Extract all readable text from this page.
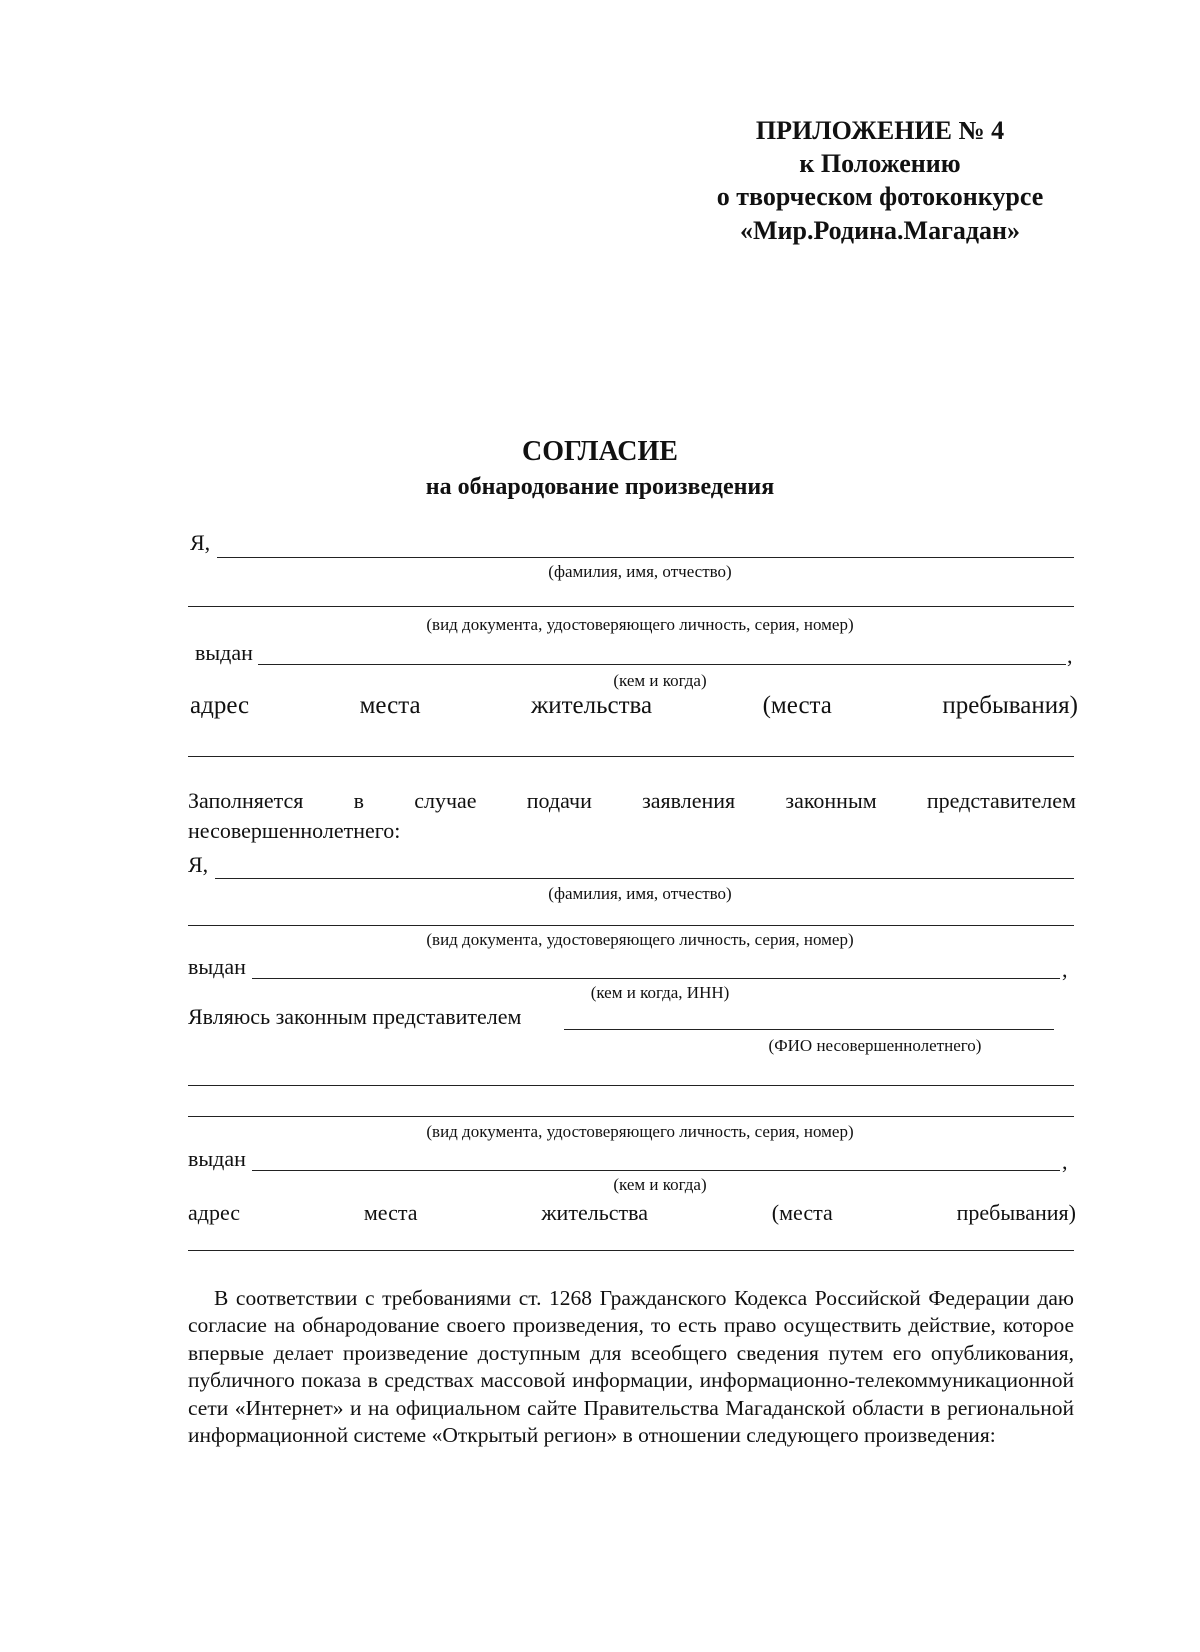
ПРИЛОЖЕНИЕ № 4
к Положению
о творческом фотоконкурсе
«Мир.Родина.Магадан»
СОГЛАСИЕ
на обнародование произведения
Я,
(фамилия, имя, отчество)
(вид документа, удостоверяющего личность, серия, номер)
выдан	,
(кем и когда)
адрес	места	жительства	(места	пребывания)
Заполняется в случае подачи заявления законным представителем
несовершеннолетнего:
Я,
(фамилия, имя, отчество)
(вид документа, удостоверяющего личность, серия, номер)
выдан	,
(кем и когда, ИНН)
Являюсь законным представителем
(ФИО несовершеннолетнего)
(вид документа, удостоверяющего личность, серия, номер)
выдан	,
(кем и когда)
адрес	места	жительства	(места	пребывания)
В соответствии с требованиями ст. 1268 Гражданского Кодекса Российской Федерации даю согласие на обнародование своего произведения, то есть право осуществить действие, которое впервые делает произведение доступным для всеобщего сведения путем его опубликования, публичного показа в средствах массовой информации, информационно-телекоммуникационной сети «Интернет» и на официальном сайте Правительства Магаданской области в региональной информационной системе «Открытый регион» в отношении следующего произведения:
